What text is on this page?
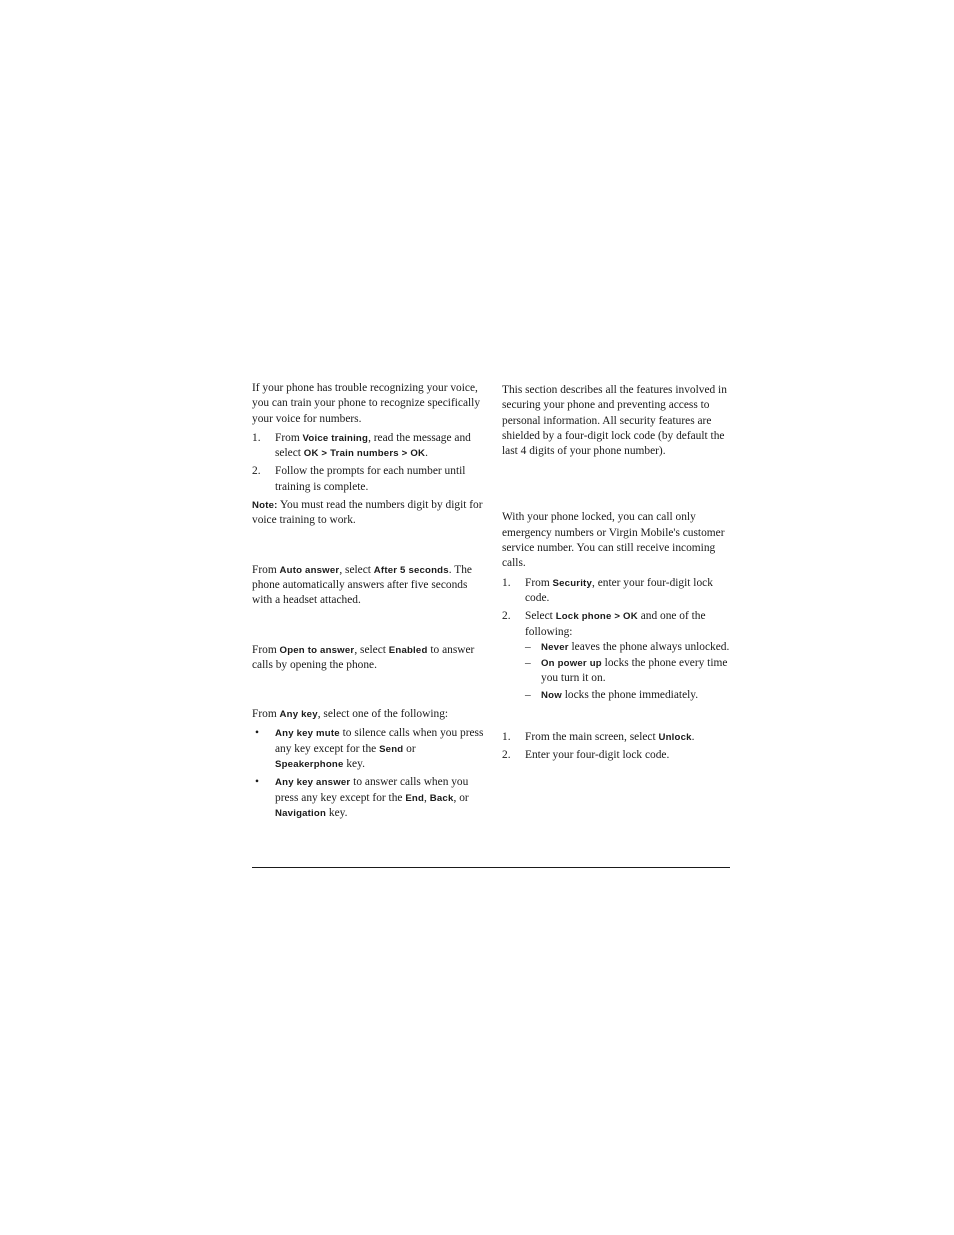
If your phone has trouble recognizing your voice, you can train your phone to recognize specifically your voice for numbers.

1. From Voice training, read the message and select OK > Train numbers > OK.
2. Follow the prompts for each number until training is complete.

Note: You must read the numbers digit by digit for voice training to work.

From Auto answer, select After 5 seconds. The phone automatically answers after five seconds with a headset attached.

From Open to answer, select Enabled to answer calls by opening the phone.

From Any key, select one of the following:

• Any key mute to silence calls when you press any key except for the Send or Speakerphone key.
• Any key answer to answer calls when you press any key except for the End, Back, or Navigation key.

This section describes all the features involved in securing your phone and preventing access to personal information. All security features are shielded by a four-digit lock code (by default the last 4 digits of your phone number).

With your phone locked, you can call only emergency numbers or Virgin Mobile's customer service number. You can still receive incoming calls.

1. From Security, enter your four-digit lock code.
2. Select Lock phone > OK and one of the following:
– Never leaves the phone always unlocked.
– On power up locks the phone every time you turn it on.
– Now locks the phone immediately.
1. From the main screen, select Unlock.
2. Enter your four-digit lock code.
